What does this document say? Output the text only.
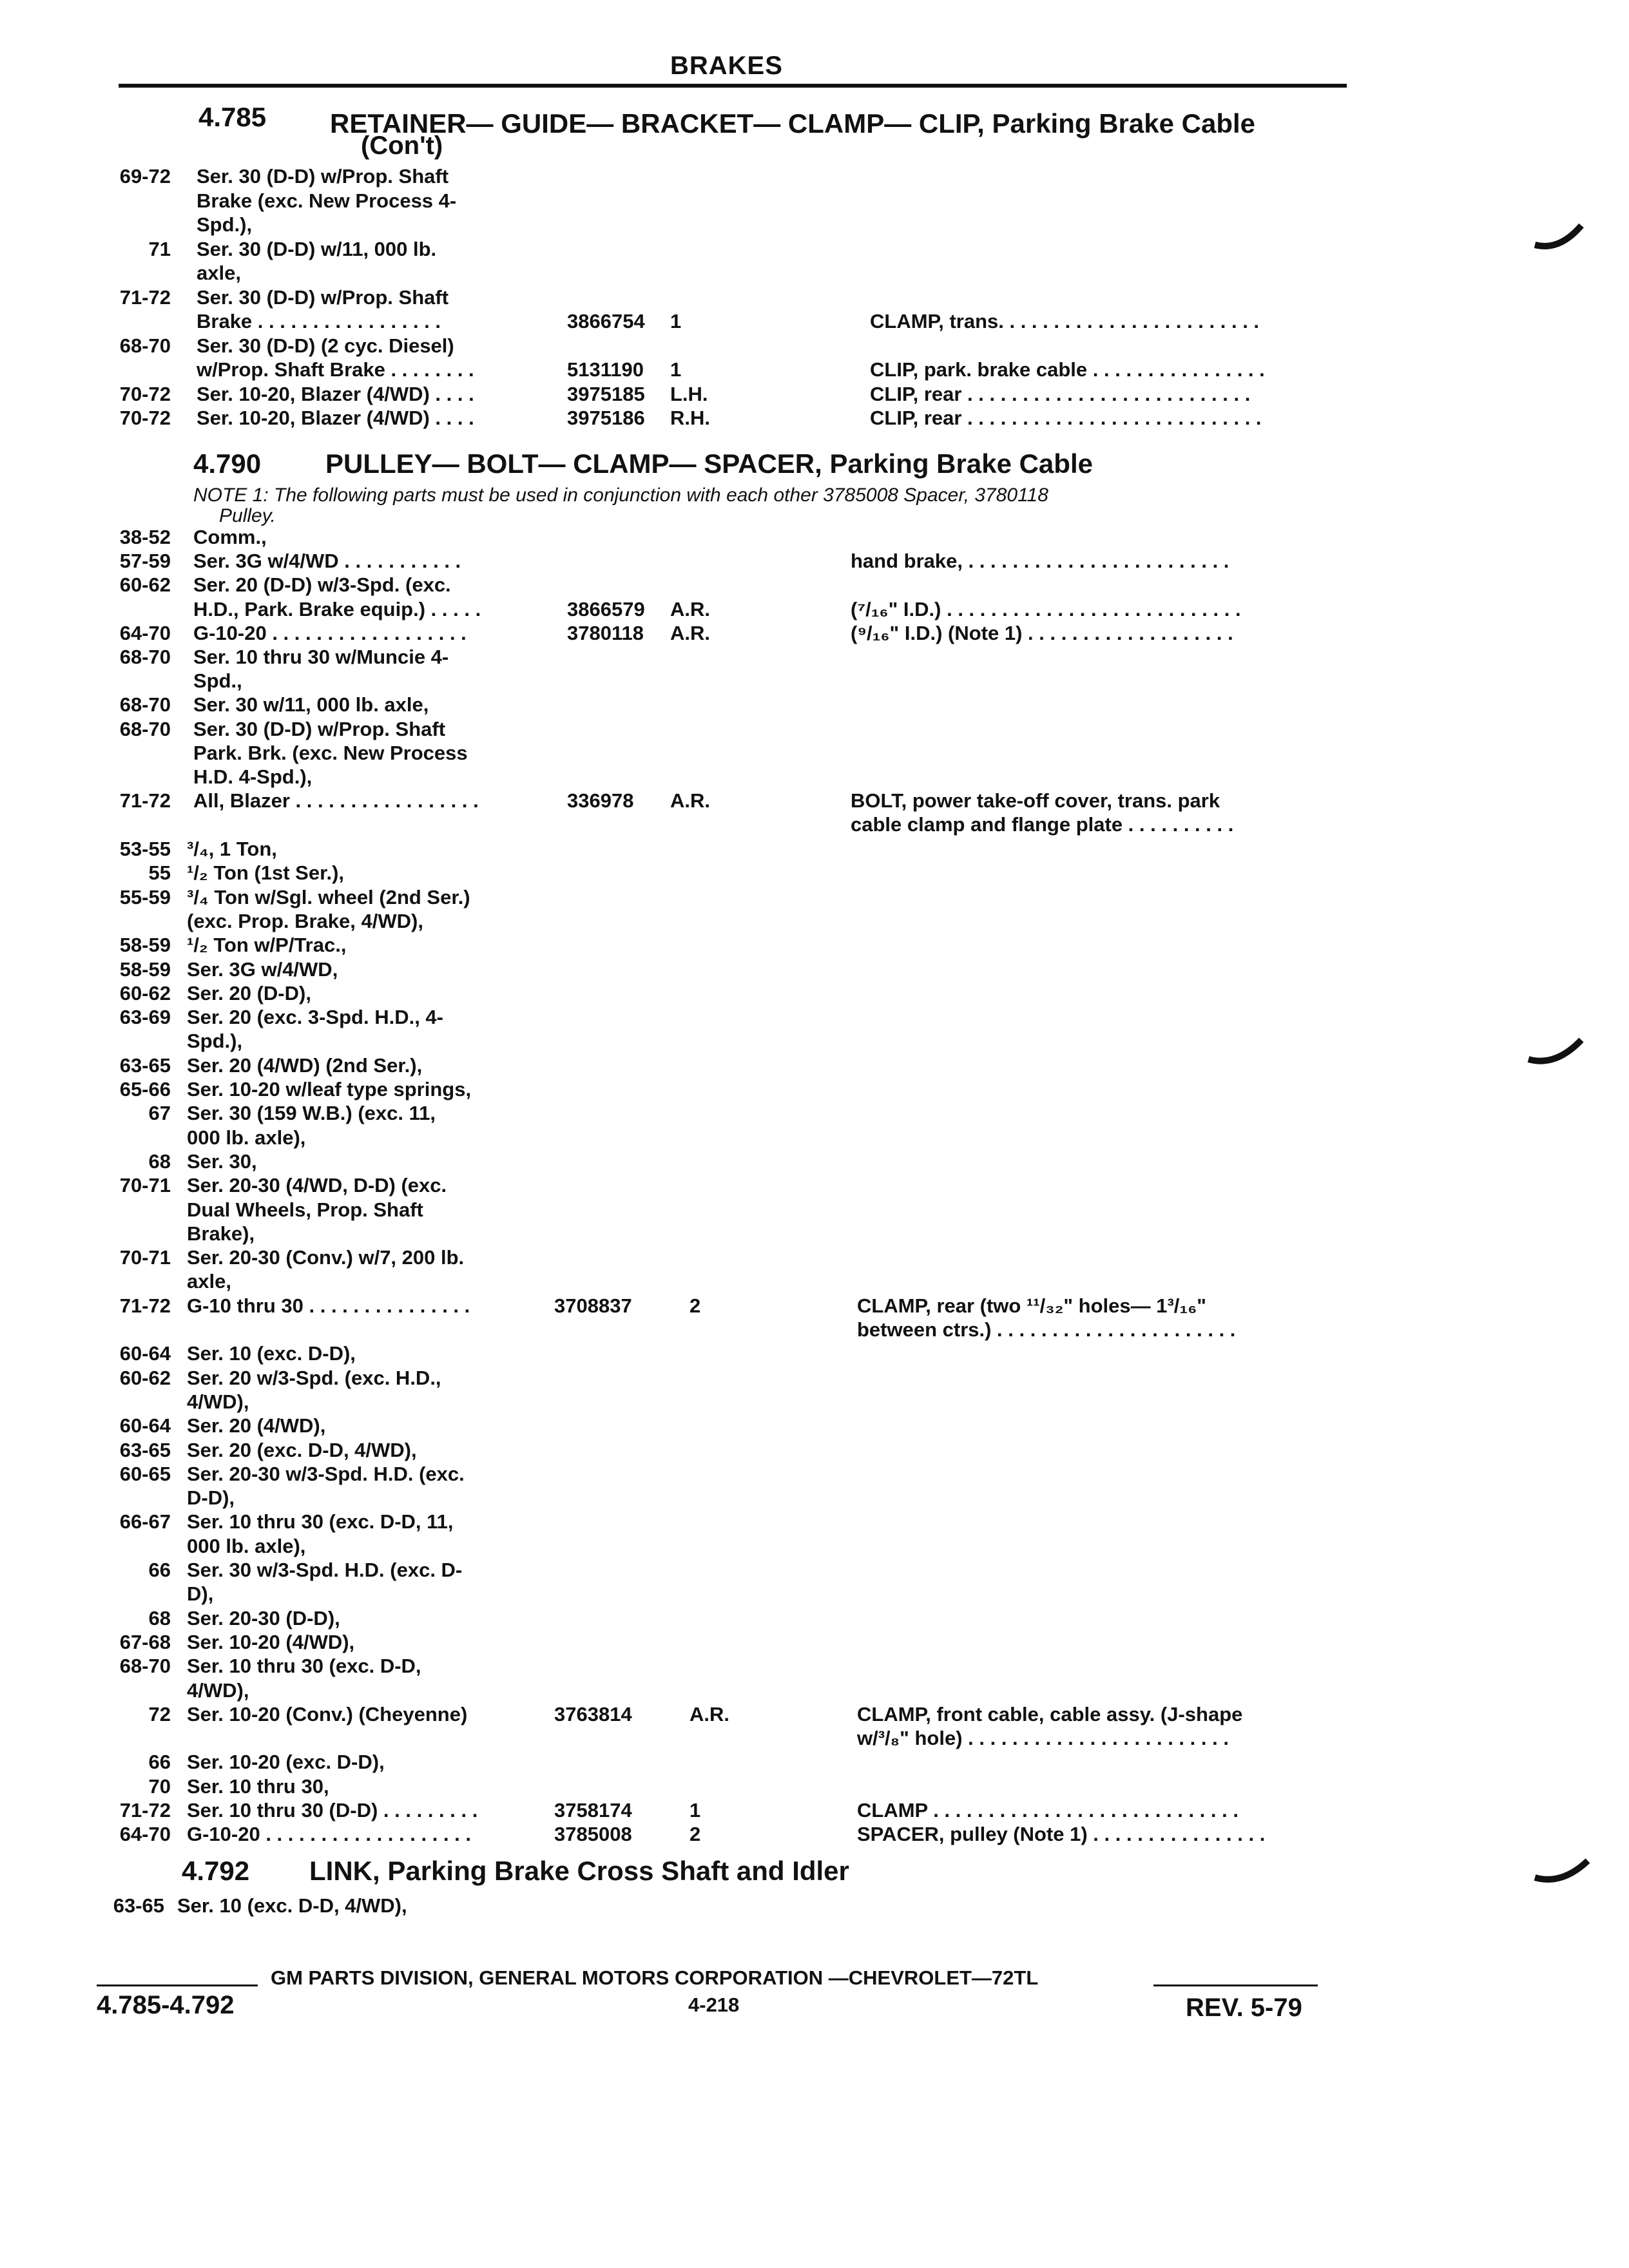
BRAKES
4.785 RETAINER— GUIDE— BRACKET— CLAMP— CLIP, Parking Brake Cable
(Con't)
69-72 Ser. 30 (D-D) w/Prop. Shaft
Brake (exc. New Process 4-
Spd.),
71 Ser. 30 (D-D) w/11, 000 lb.
axle,
71-72 Ser. 30 (D-D) w/Prop. Shaft
Brake . . . . . . . . . . . . . . . . .	3866754 1	CLAMP, trans. . . . . . . . . . . . . . . . . . . . . . . .
68-70 Ser. 30 (D-D) (2 cyc. Diesel)
w/Prop. Shaft Brake . . . . . . . .	5131190 1	CLIP, park. brake cable . . . . . . . . . . . . . . . .
70-72 Ser. 10-20, Blazer (4/WD) . . . .	3975185 L.H.	CLIP, rear . . . . . . . . . . . . . . . . . . . . . . . . . .
70-72 Ser. 10-20, Blazer (4/WD) . . . .	3975186 R.H.	CLIP, rear . . . . . . . . . . . . . . . . . . . . . . . . . . .
4.790 PULLEY— BOLT— CLAMP— SPACER, Parking Brake Cable
NOTE 1: The following parts must be used in conjunction with each other 3785008 Spacer, 3780118
Pulley.
38-52 Comm.,
57-59 Ser. 3G w/4/WD . . . . . . . . . . .	hand brake, . . . . . . . . . . . . . . . . . . . . . . . .
60-62 Ser. 20 (D-D) w/3-Spd. (exc.
H.D., Park. Brake equip.) . . . . .	3866579 A.R.	(⁷/₁₆" I.D.) . . . . . . . . . . . . . . . . . . . . . . . . . . .
64-70 G-10-20 . . . . . . . . . . . . . . . . . .	3780118 A.R.	(⁹/₁₆" I.D.) (Note 1) . . . . . . . . . . . . . . . . . . .
68-70 Ser. 10 thru 30 w/Muncie 4-
Spd.,
68-70 Ser. 30 w/11, 000 lb. axle,
68-70 Ser. 30 (D-D) w/Prop. Shaft
Park. Brk. (exc. New Process
H.D. 4-Spd.),
71-72 All, Blazer . . . . . . . . . . . . . . . . .	336978 A.R.	BOLT, power take-off cover, trans. park
cable clamp and flange plate . . . . . . . . . .
53-55 ³/₄, 1 Ton,
55 ¹/₂ Ton (1st Ser.),
55-59 ³/₄ Ton w/Sgl. wheel (2nd Ser.)
(exc. Prop. Brake, 4/WD),
58-59 ¹/₂ Ton w/P/Trac.,
58-59 Ser. 3G w/4/WD,
60-62 Ser. 20 (D-D),
63-69 Ser. 20 (exc. 3-Spd. H.D., 4-
Spd.),
63-65 Ser. 20 (4/WD) (2nd Ser.),
65-66 Ser. 10-20 w/leaf type springs,
67 Ser. 30 (159 W.B.) (exc. 11,
000 lb. axle),
68 Ser. 30,
70-71 Ser. 20-30 (4/WD, D-D) (exc.
Dual Wheels, Prop. Shaft
Brake),
70-71 Ser. 20-30 (Conv.) w/7, 200 lb.
axle,
71-72 G-10 thru 30 . . . . . . . . . . . . . . .	3708837	2	CLAMP, rear (two ¹¹/₃₂" holes— 1³/₁₆"
between ctrs.) . . . . . . . . . . . . . . . . . . . . . .
60-64 Ser. 10 (exc. D-D),
60-62 Ser. 20 w/3-Spd. (exc. H.D.,
4/WD),
60-64 Ser. 20 (4/WD),
63-65 Ser. 20 (exc. D-D, 4/WD),
60-65 Ser. 20-30 w/3-Spd. H.D. (exc.
D-D),
66-67 Ser. 10 thru 30 (exc. D-D, 11,
000 lb. axle),
66 Ser. 30 w/3-Spd. H.D. (exc. D-
D),
68 Ser. 20-30 (D-D),
67-68 Ser. 10-20 (4/WD),
68-70 Ser. 10 thru 30 (exc. D-D,
4/WD),
72 Ser. 10-20 (Conv.) (Cheyenne)	3763814	A.R.	CLAMP, front cable, cable assy. (J-shape
w/³/₈" hole) . . . . . . . . . . . . . . . . . . . . . . . .
66 Ser. 10-20 (exc. D-D),
70 Ser. 10 thru 30,
71-72 Ser. 10 thru 30 (D-D) . . . . . . . . .	3758174	1	CLAMP . . . . . . . . . . . . . . . . . . . . . . . . . . . .
64-70 G-10-20 . . . . . . . . . . . . . . . . . . .	3785008	2	SPACER, pulley (Note 1) . . . . . . . . . . . . . . . .
4.792 LINK, Parking Brake Cross Shaft and Idler
63-65 Ser. 10 (exc. D-D, 4/WD),
GM PARTS DIVISION, GENERAL MOTORS CORPORATION —CHEVROLET—72TL
4.785-4.792	4-218	REV. 5-79
